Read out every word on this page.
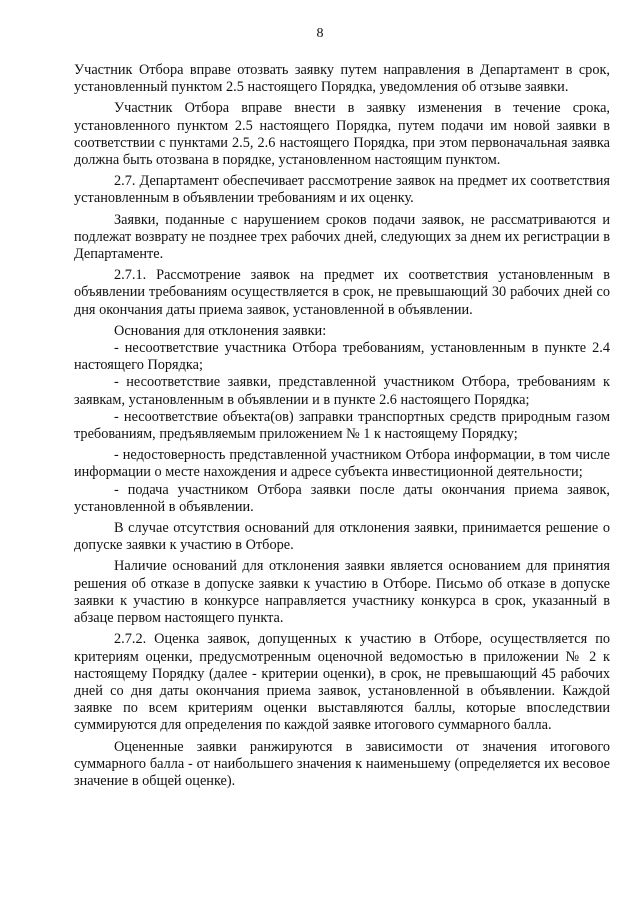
8

Участник Отбора вправе отозвать заявку путем направления в Департамент в срок, установленный пунктом 2.5 настоящего Порядка, уведомления об отзыве заявки.

Участник Отбора вправе внести в заявку изменения в течение срока, установленного пунктом 2.5 настоящего Порядка, путем подачи им новой заявки в соответствии с пунктами 2.5, 2.6 настоящего Порядка, при этом первоначальная заявка должна быть отозвана в порядке, установленном настоящим пунктом.

2.7. Департамент обеспечивает рассмотрение заявок на предмет их соответствия установленным в объявлении требованиям и их оценку.

Заявки, поданные с нарушением сроков подачи заявок, не рассматриваются и подлежат возврату не позднее трех рабочих дней, следующих за днем их регистрации в Департаменте.

2.7.1. Рассмотрение заявок на предмет их соответствия установленным в объявлении требованиям осуществляется в срок, не превышающий 30 рабочих дней со дня окончания даты приема заявок, установленной в объявлении.

Основания для отклонения заявки:

- несоответствие участника Отбора требованиям, установленным в пункте 2.4 настоящего Порядка;

- несоответствие заявки, представленной участником Отбора, требованиям к заявкам, установленным в объявлении и в пункте 2.6 настоящего Порядка;

- несоответствие объекта(ов) заправки транспортных средств природным газом требованиям, предъявляемым приложением № 1 к настоящему Порядку;

- недостоверность представленной участником Отбора информации, в том числе информации о месте нахождения и адресе субъекта инвестиционной деятельности;

- подача участником Отбора заявки после даты окончания приема заявок, установленной в объявлении.

В случае отсутствия оснований для отклонения заявки, принимается решение о допуске заявки к участию в Отборе.

Наличие оснований для отклонения заявки является основанием для принятия решения об отказе в допуске заявки к участию в Отборе. Письмо об отказе в допуске заявки к участию в конкурсе направляется участнику конкурса в срок, указанный в абзаце первом настоящего пункта.

2.7.2. Оценка заявок, допущенных к участию в Отборе, осуществляется по критериям оценки, предусмотренным оценочной ведомостью в приложении № 2 к настоящему Порядку (далее - критерии оценки), в срок, не превышающий 45 рабочих дней со дня даты окончания приема заявок, установленной в объявлении. Каждой заявке по всем критериям оценки выставляются баллы, которые впоследствии суммируются для определения по каждой заявке итогового суммарного балла.

Оцененные заявки ранжируются в зависимости от значения итогового суммарного балла - от наибольшего значения к наименьшему (определяется их весовое значение в общей оценке).
